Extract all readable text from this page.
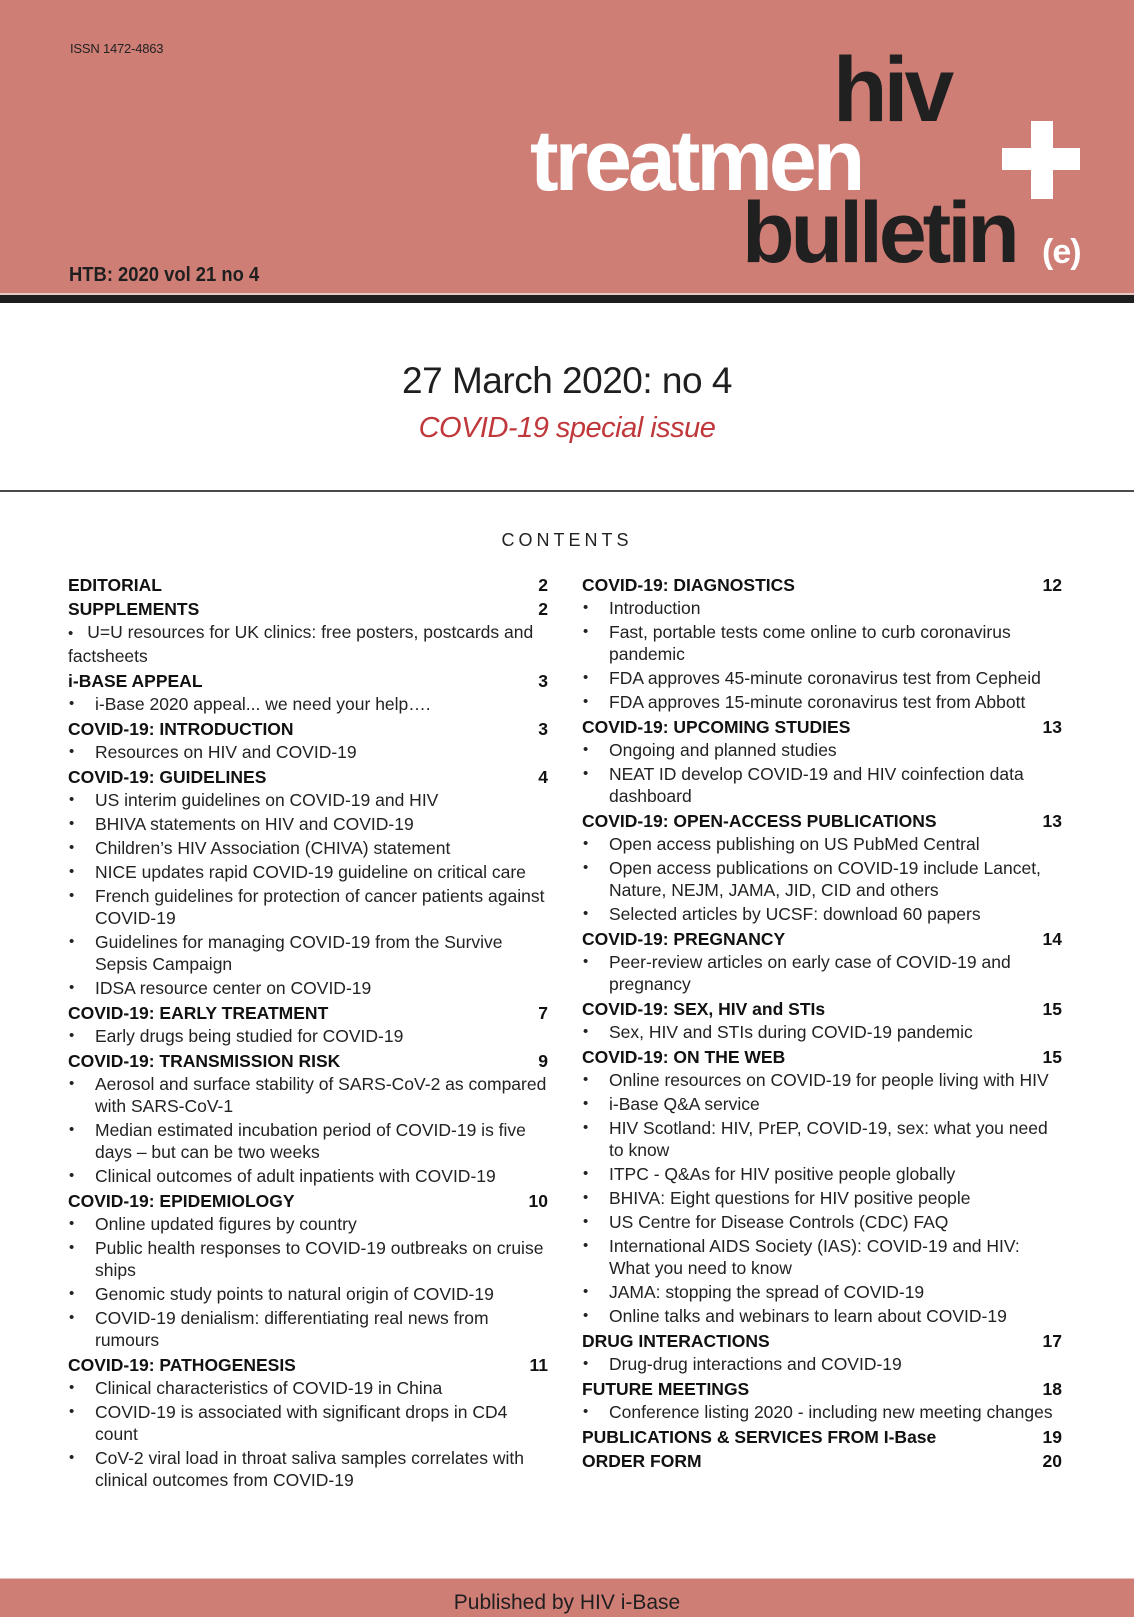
ISSN 1472-4863
HTB: 2020 vol 21 no 4
hiv
treatmen
bulletin (e)
27 March 2020: no 4
COVID-19 special issue
CONTENTS
EDITORIAL	2
SUPPLEMENTS	2
• U=U resources for UK clinics: free posters, postcards and factsheets
i-BASE APPEAL	3
• i-Base 2020 appeal... we need your help….
COVID-19: INTRODUCTION	3
• Resources on HIV and COVID-19
COVID-19: GUIDELINES	4
• US interim guidelines on COVID-19 and HIV
• BHIVA statements on HIV and COVID-19
• Children’s HIV Association (CHIVA) statement
• NICE updates rapid COVID-19 guideline on critical care
• French guidelines for protection of cancer patients against COVID-19
• Guidelines for managing COVID-19 from the Survive Sepsis Campaign
• IDSA resource center on COVID-19
COVID-19: EARLY TREATMENT	7
• Early drugs being studied for COVID-19
COVID-19: TRANSMISSION RISK	9
• Aerosol and surface stability of SARS-CoV-2 as compared with SARS-CoV-1
• Median estimated incubation period of COVID-19 is five days – but can be two weeks
• Clinical outcomes of adult inpatients with COVID-19
COVID-19: EPIDEMIOLOGY	10
• Online updated figures by country
• Public health responses to COVID-19 outbreaks on cruise ships
• Genomic study points to natural origin of COVID-19
• COVID-19 denialism: differentiating real news from rumours
COVID-19: PATHOGENESIS	11
• Clinical characteristics of COVID-19 in China
• COVID-19 is associated with significant drops in CD4 count
• CoV-2 viral load in throat saliva samples correlates with clinical outcomes from COVID-19
COVID-19: DIAGNOSTICS	12
• Introduction
• Fast, portable tests come online to curb coronavirus pandemic
• FDA approves 45-minute coronavirus test from Cepheid
• FDA approves 15-minute coronavirus test from Abbott
COVID-19: UPCOMING STUDIES	13
• Ongoing and planned studies
• NEAT ID develop COVID-19 and HIV coinfection data dashboard
COVID-19: OPEN-ACCESS PUBLICATIONS	13
• Open access publishing on US PubMed Central
• Open access publications on COVID-19 include Lancet, Nature, NEJM, JAMA, JID, CID and others
• Selected articles by UCSF: download 60 papers
COVID-19: PREGNANCY	14
• Peer-review articles on early case of COVID-19 and pregnancy
COVID-19: SEX, HIV and STIs	15
• Sex, HIV and STIs during COVID-19 pandemic
COVID-19: ON THE WEB	15
• Online resources on COVID-19 for people living with HIV
• i-Base Q&A service
• HIV Scotland: HIV, PrEP, COVID-19, sex: what you need to know
• ITPC - Q&As for HIV positive people globally
• BHIVA: Eight questions for HIV positive people
• US Centre for Disease Controls (CDC) FAQ
• International AIDS Society (IAS): COVID-19 and HIV: What you need to know
• JAMA: stopping the spread of COVID-19
• Online talks and webinars to learn about COVID-19
DRUG INTERACTIONS	17
• Drug-drug interactions and COVID-19
FUTURE MEETINGS	18
• Conference listing 2020 - including new meeting changes
PUBLICATIONS & SERVICES FROM I-Base	19
ORDER FORM	20
Published by HIV i-Base
